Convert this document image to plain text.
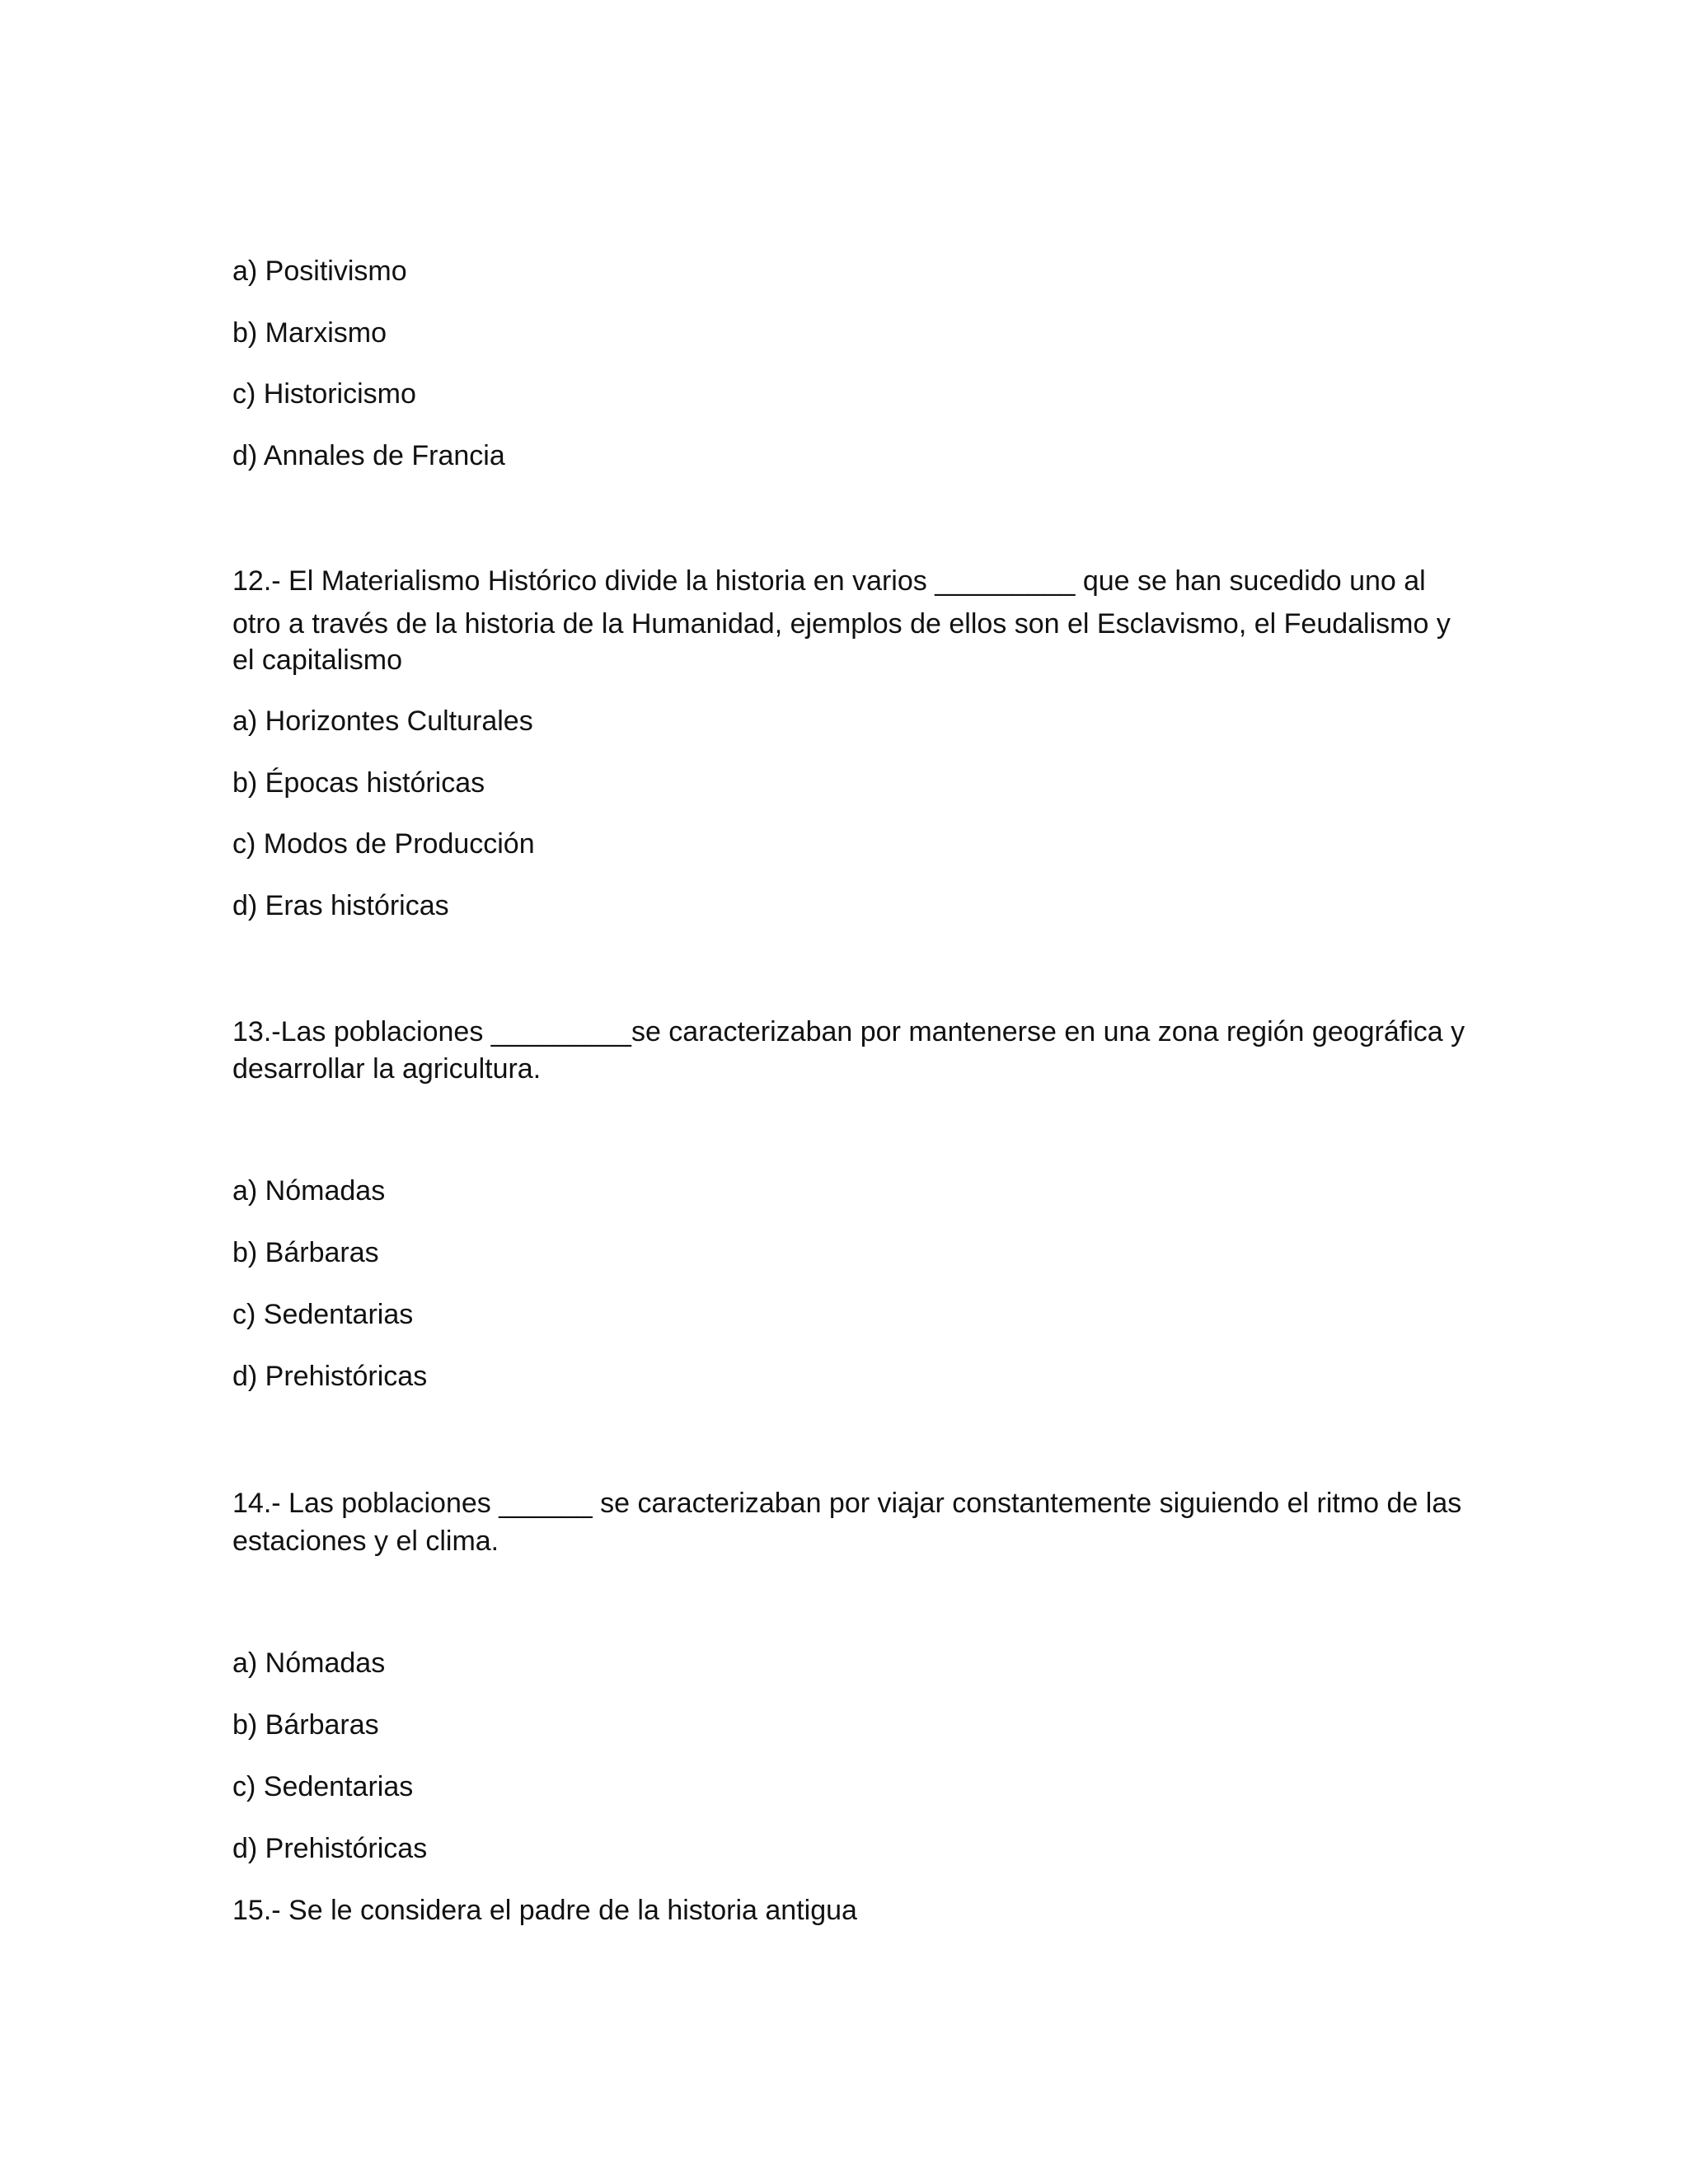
a) Positivismo
b) Marxismo
c) Historicismo
d) Annales de Francia
12.- El Materialismo Histórico divide la historia en varios _________ que se han sucedido uno al
otro a través de la historia de la Humanidad, ejemplos de ellos son el Esclavismo, el Feudalismo y
el capitalismo
a) Horizontes Culturales
b) Épocas históricas
c) Modos de Producción
d) Eras históricas
13.-Las poblaciones _________se caracterizaban por mantenerse en una zona región geográfica y
desarrollar la agricultura.
a) Nómadas
b) Bárbaras
c) Sedentarias
d) Prehistóricas
14.- Las poblaciones ______ se caracterizaban por viajar constantemente siguiendo el ritmo de las
estaciones y el clima.
a) Nómadas
b) Bárbaras
c) Sedentarias
d) Prehistóricas
15.- Se le considera el padre de la historia antigua
